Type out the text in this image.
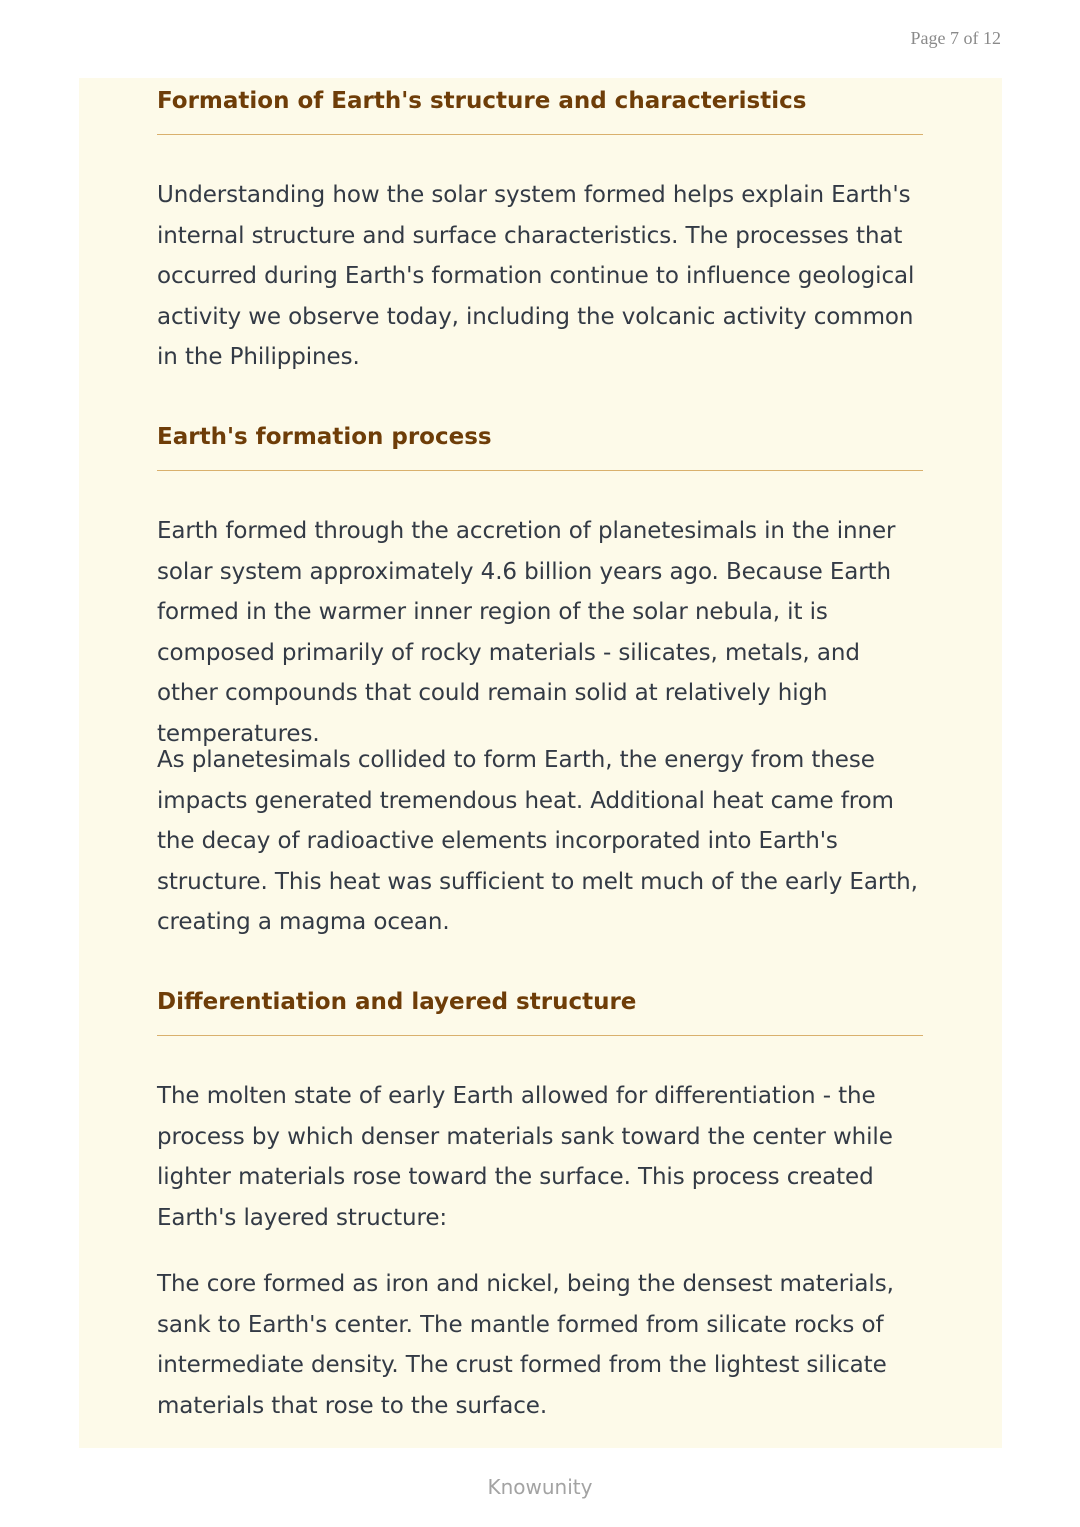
Page 7 of 12
Formation of Earth's structure and characteristics

Understanding how the solar system formed helps explain Earth's internal structure and surface characteristics. The processes that occurred during Earth's formation continue to influence geological activity we observe today, including the volcanic activity common in the Philippines.

Earth's formation process

Earth formed through the accretion of planetesimals in the inner solar system approximately 4.6 billion years ago. Because Earth formed in the warmer inner region of the solar nebula, it is composed primarily of rocky materials - silicates, metals, and other compounds that could remain solid at relatively high temperatures.

As planetesimals collided to form Earth, the energy from these impacts generated tremendous heat. Additional heat came from the decay of radioactive elements incorporated into Earth's structure. This heat was sufficient to melt much of the early Earth, creating a magma ocean.

Differentiation and layered structure

The molten state of early Earth allowed for differentiation - the process by which denser materials sank toward the center while lighter materials rose toward the surface. This process created Earth's layered structure:

The core formed as iron and nickel, being the densest materials, sank to Earth's center. The mantle formed from silicate rocks of intermediate density. The crust formed from the lightest silicate materials that rose to the surface.

Knowunity
